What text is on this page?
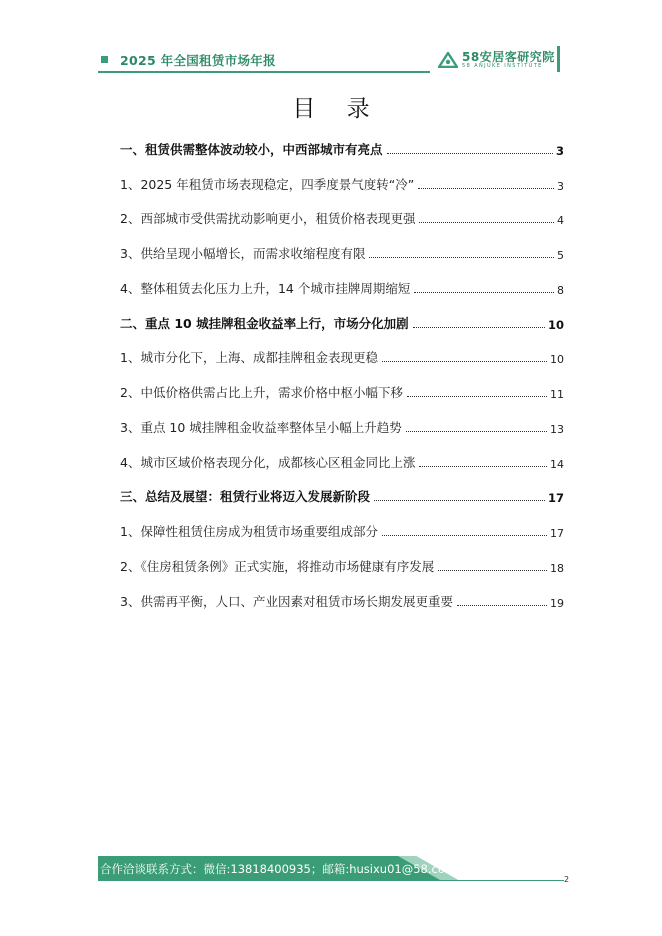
2025 年全国租赁市场年报	58安居客研究院
58 ANJUKE INSTITUTE
目 录
一、租赁供需整体波动较小，中西部城市有亮点	3
1、2025 年租赁市场表现稳定，四季度景气度转“冷”	3
2、西部城市受供需扰动影响更小，租赁价格表现更强	4
3、供给呈现小幅增长，而需求收缩程度有限	5
4、整体租赁去化压力上升，14 个城市挂牌周期缩短	8
二、重点 10 城挂牌租金收益率上行，市场分化加剧	10
1、城市分化下，上海、成都挂牌租金表现更稳	10
2、中低价格供需占比上升，需求价格中枢小幅下移	11
3、重点 10 城挂牌租金收益率整体呈小幅上升趋势	13
4、城市区域价格表现分化，成都核心区租金同比上涨	14
三、总结及展望：租赁行业将迈入发展新阶段	17
1、保障性租赁住房成为租赁市场重要组成部分	17
2、《住房租赁条例》正式实施，将推动市场健康有序发展	18
3、供需再平衡，人口、产业因素对租赁市场长期发展更重要	19
合作洽谈联系方式：微信:13818400935；邮箱:husixu01@58.com；
2
